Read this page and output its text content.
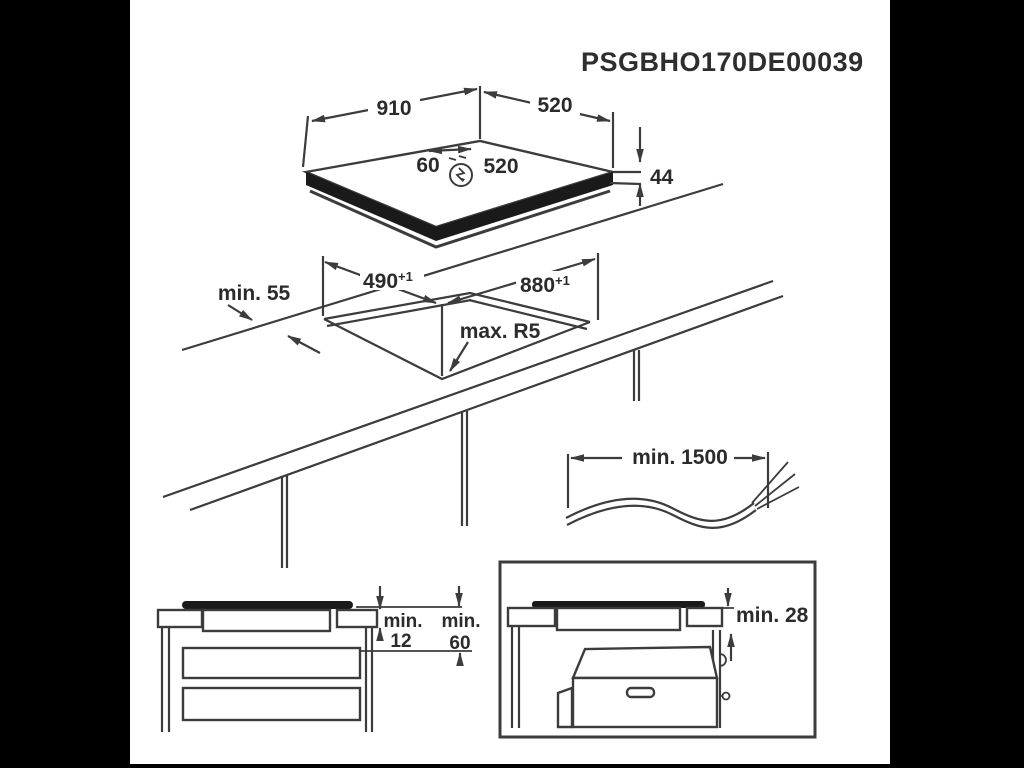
PSGBHO170DE00039
910	520
60 520	44
min. 55
$490^{+1}$	$880^{+1}$
max. R5
min. 1500
min.
12
min.
60
min. 28
